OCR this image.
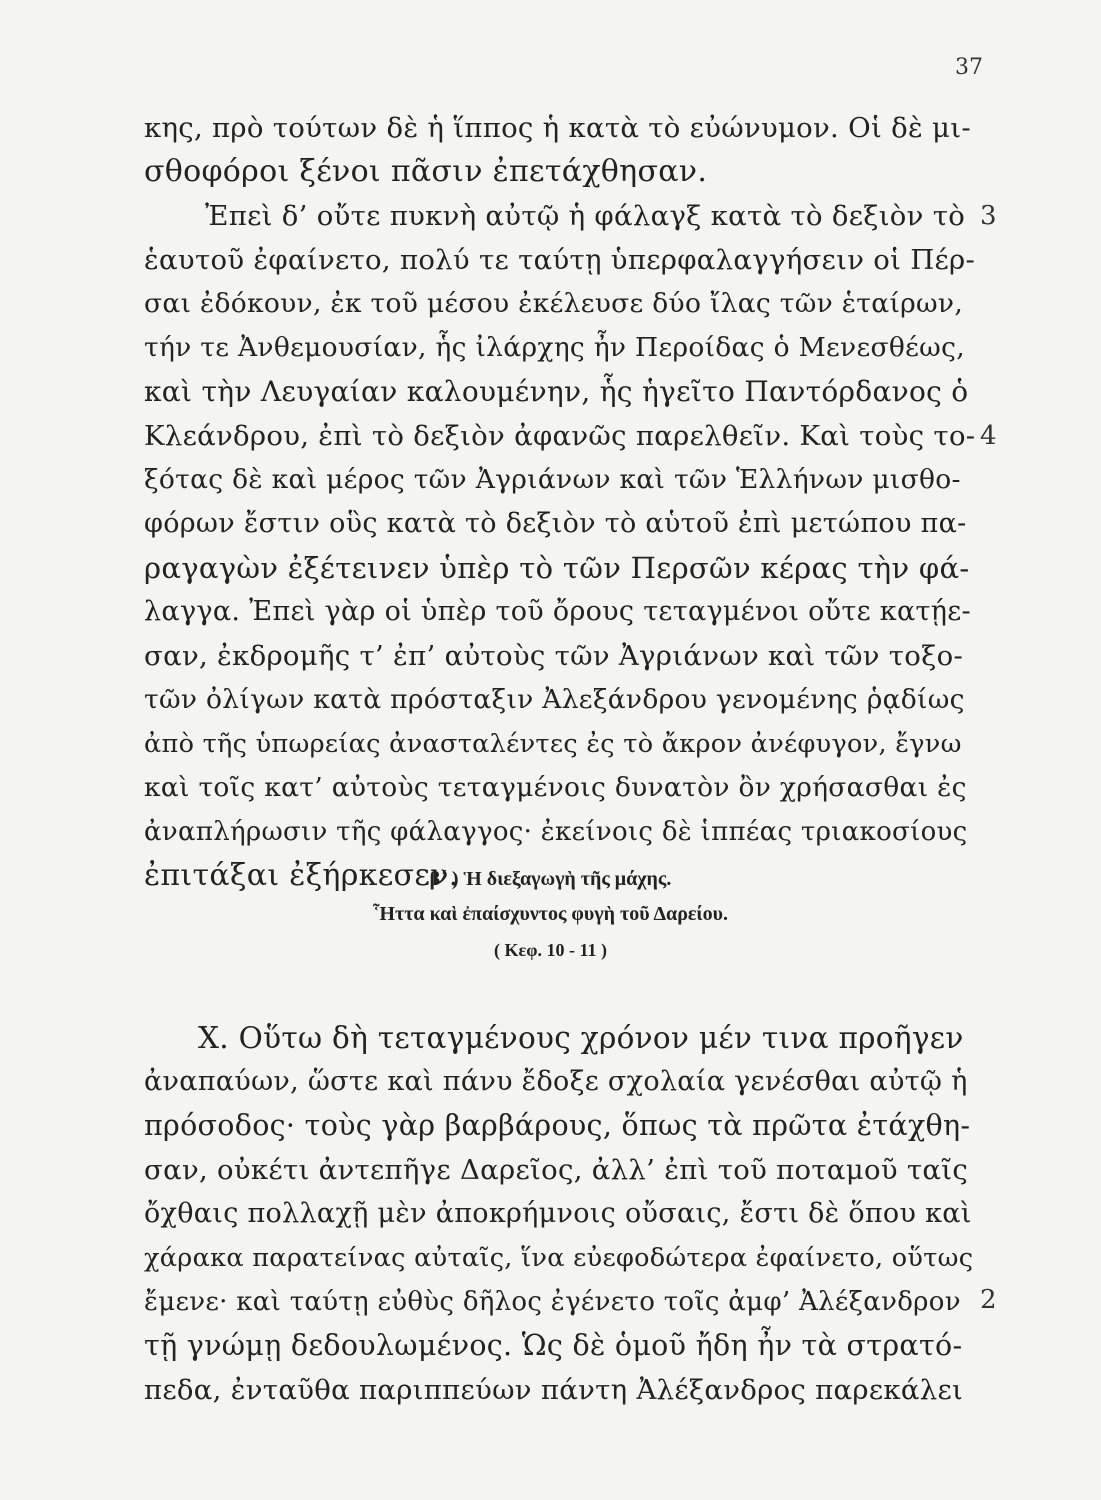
37
κης, πρὸ τούτων δὲ ἡ ἵππος ἡ κατὰ τὸ εὐώνυμον. Οἱ δὲ μι-
σθοφόροι ξένοι πᾶσιν ἐπετάχθησαν.
Ἐπεὶ δ’ οὔτε πυκνὴ αὐτῷ ἡ φάλαγξ κατὰ τὸ δεξιὸν τὸ
ἑαυτοῦ ἐφαίνετο, πολύ τε ταύτῃ ὑπερφαλαγγήσειν οἱ Πέρ-
σαι ἐδόκουν, ἐκ τοῦ μέσου ἐκέλευσε δύο ἴλας τῶν ἑταίρων,
τήν τε Ἀνθεμουσίαν, ἧς ἰλάρχης ἦν Περοίδας ὁ Μενεσθέως,
καὶ τὴν Λευγαίαν καλουμένην, ἧς ἡγεῖτο Παντόρδανος ὁ
Κλεάνδρου, ἐπὶ τὸ δεξιὸν ἀφανῶς παρελθεῖν. Καὶ τοὺς το-
ξότας δὲ καὶ μέρος τῶν Ἀγριάνων καὶ τῶν Ἑλλήνων μισθο-
φόρων ἔστιν οὓς κατὰ τὸ δεξιὸν τὸ αὑτοῦ ἐπὶ μετώπου πα-
ραγαγὼν ἐξέτεινεν ὑπὲρ τὸ τῶν Περσῶν κέρας τὴν φά-
λαγγα. Ἐπεὶ γὰρ οἱ ὑπὲρ τοῦ ὄρους τεταγμένοι οὔτε κατῄε-
σαν, ἐκδρομῆς τ’ ἐπ’ αὐτοὺς τῶν Ἀγριάνων καὶ τῶν τοξο-
τῶν ὀλίγων κατὰ πρόσταξιν Ἀλεξάνδρου γενομένης ῥᾳδίως
ἀπὸ τῆς ὑπωρείας ἀνασταλέντες ἐς τὸ ἄκρον ἀνέφυγον, ἔγνω
καὶ τοῖς κατ’ αὐτοὺς τεταγμένοις δυνατὸν ὂν χρήσασθαι ἐς
ἀναπλήρωσιν τῆς φάλαγγος· ἐκείνοις δὲ ἱππέας τριακοσίους
ἐπιτάξαι ἐξήρκεσεν.
3
4
2
β΄ ) Ἡ διεξαγωγὴ τῆς μάχης.
Ἧττα καὶ ἐπαίσχυντος φυγὴ τοῦ Δαρείου.
( Κεφ. 10 - 11 )
X. Οὕτω δὴ τεταγμένους χρόνον μέν τινα προῆγεν
ἀναπαύων, ὥστε καὶ πάνυ ἔδοξε σχολαία γενέσθαι αὐτῷ ἡ
πρόσοδος· τοὺς γὰρ βαρβάρους, ὅπως τὰ πρῶτα ἐτάχθη-
σαν, οὐκέτι ἀντεπῆγε Δαρεῖος, ἀλλ’ ἐπὶ τοῦ ποταμοῦ ταῖς
ὄχθαις πολλαχῇ μὲν ἀποκρήμνοις οὔσαις, ἔστι δὲ ὅπου καὶ
χάρακα παρατείνας αὐταῖς, ἵνα εὐεφοδώτερα ἐφαίνετο, οὕτως
ἔμενε· καὶ ταύτῃ εὐθὺς δῆλος ἐγένετο τοῖς ἀμφ’ Ἀλέξανδρον
τῇ γνώμῃ δεδουλωμένος. Ὡς δὲ ὁμοῦ ἤδη ἦν τὰ στρατό-
πεδα, ἐνταῦθα παριππεύων πάντη Ἀλέξανδρος παρεκάλει
